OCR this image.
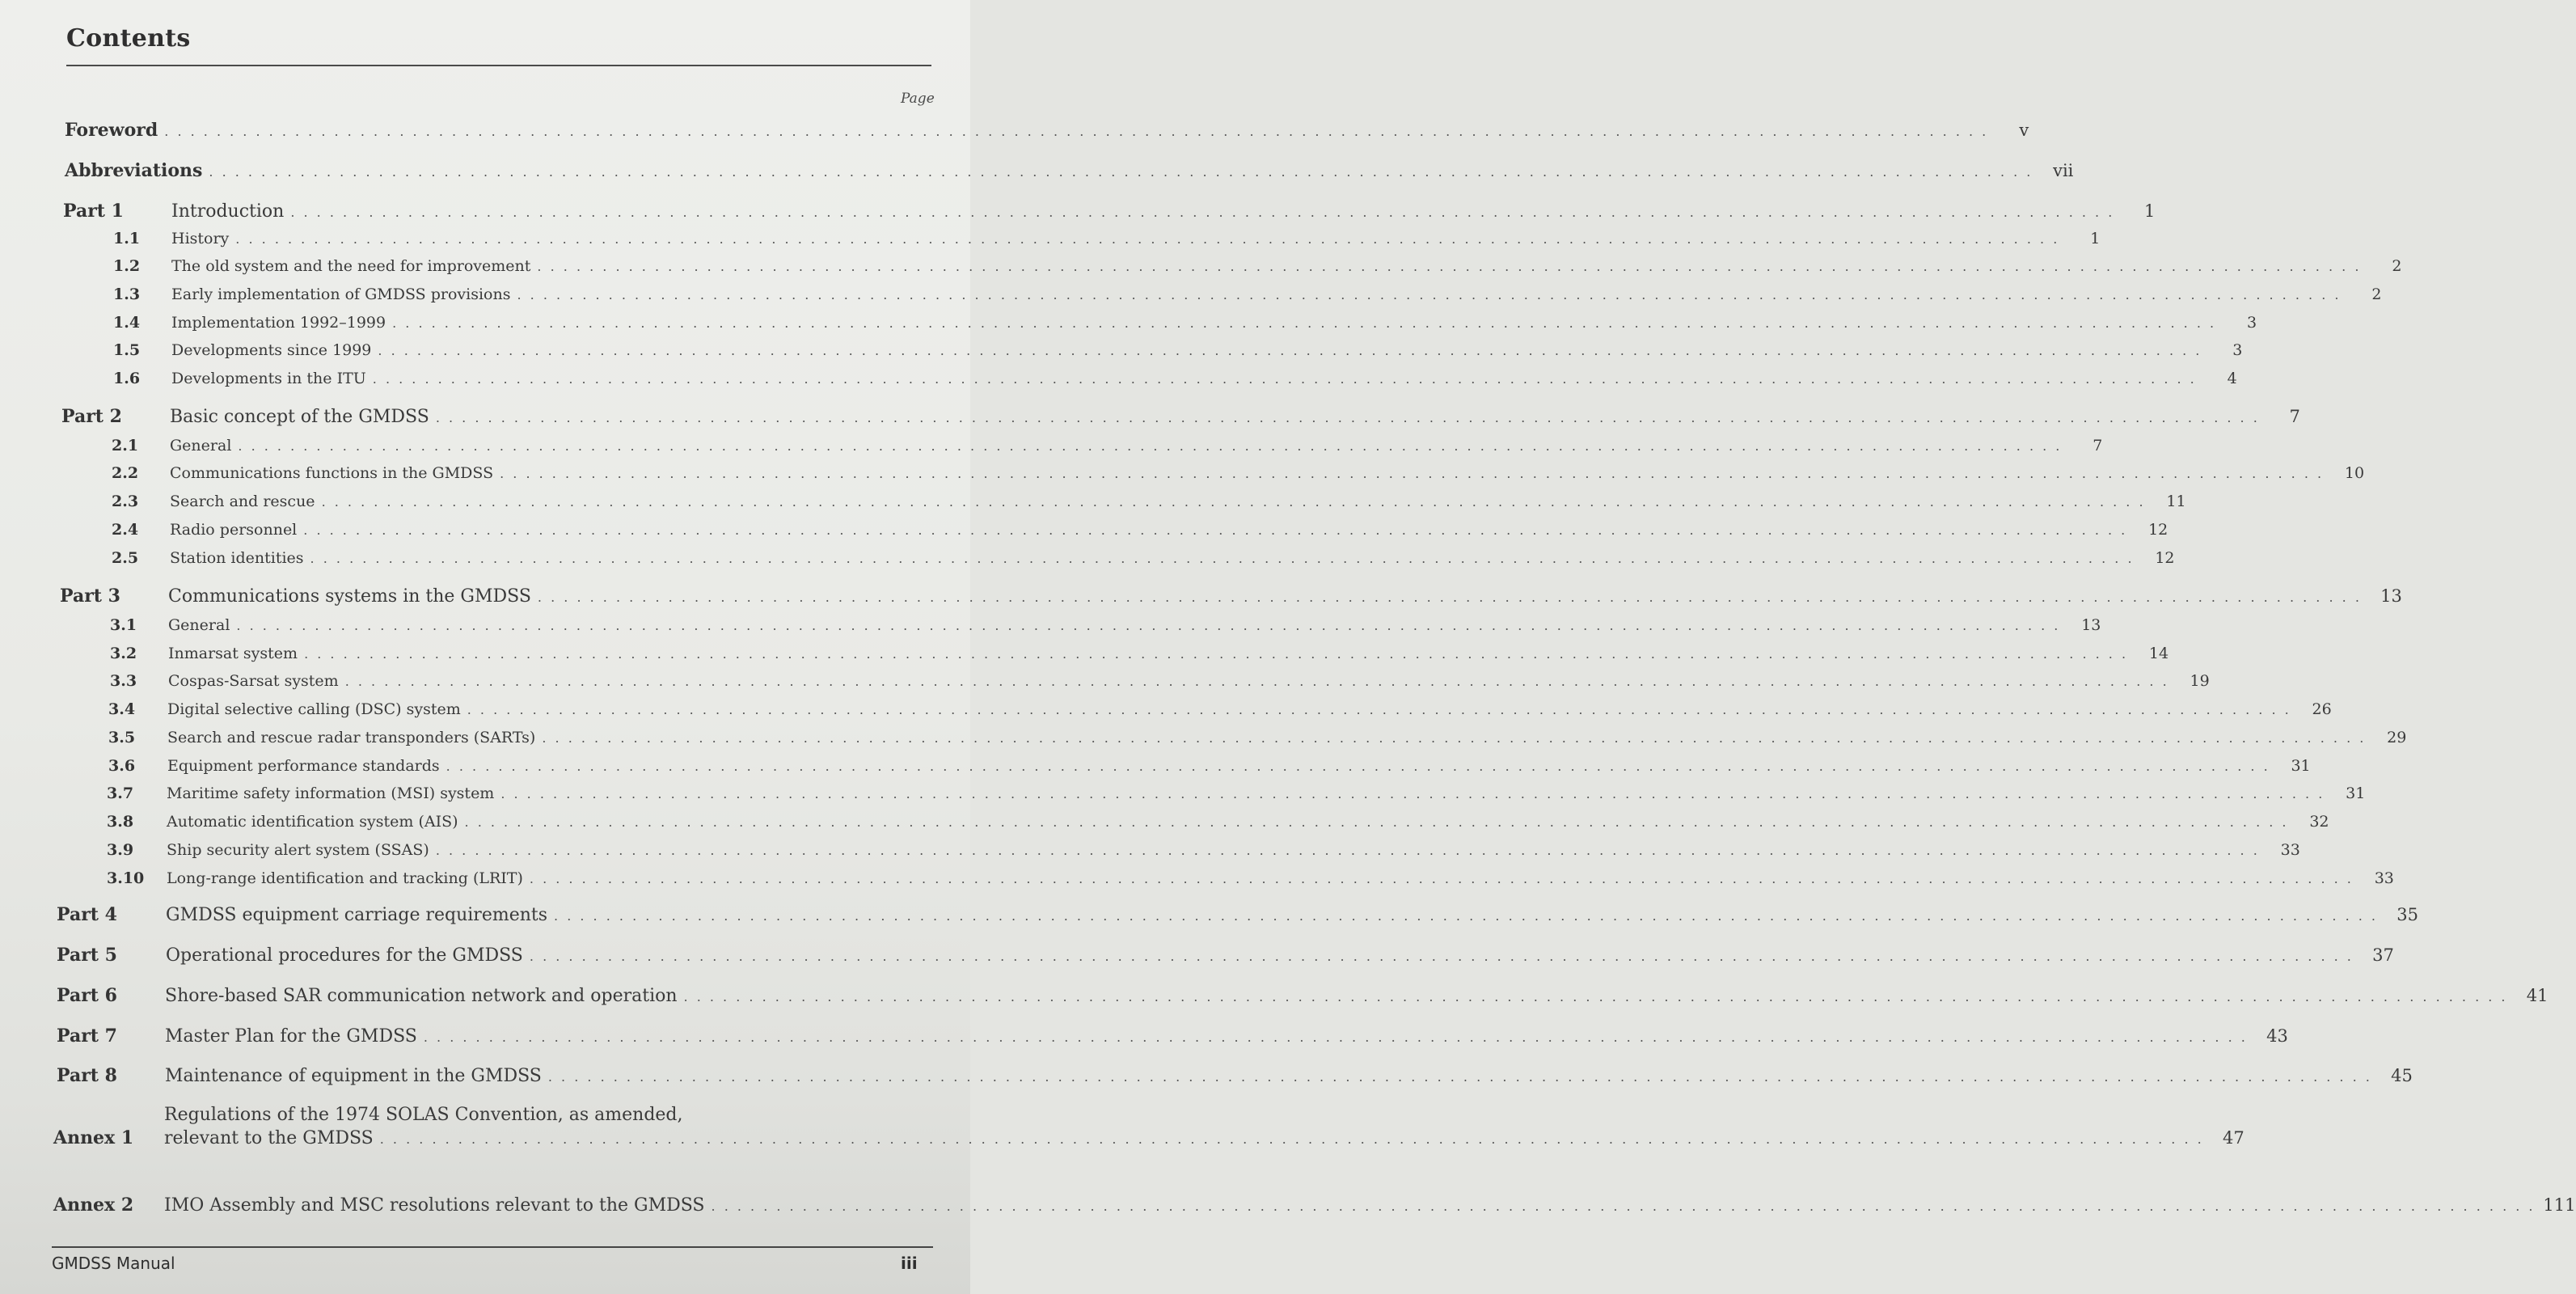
Contents
Page
Foreword . . . . . . . . . . . . . . . . . . . . . . . . . . . . . . . . . . . . . . . . . . . . . . . . . . . . . . . . . . . . . . . . . . . . . . . . . . . . . . . . . . . . . . . . . . . . . . . . . . . . . . . . . . . . . . . . . . . . . . . . . . . . . . . . . . . . . . . . . . . .	v
Abbreviations . . . . . . . . . . . . . . . . . . . . . . . . . . . . . . . . . . . . . . . . . . . . . . . . . . . . . . . . . . . . . . . . . . . . . . . . . . . . . . . . . . . . . . . . . . . . . . . . . . . . . . . . . . . . . . . . . . . . . . . . . . . . . . . . . . . . . . . . . . . .	vii
Part 1	Introduction . . . . . . . . . . . . . . . . . . . . . . . . . . . . . . . . . . . . . . . . . . . . . . . . . . . . . . . . . . . . . . . . . . . . . . . . . . . . . . . . . . . . . . . . . . . . . . . . . . . . . . . . . . . . . . . . . . . . . . . . . . . . . . . . . . . . . . . . . . . .	1
1.1	History . . . . . . . . . . . . . . . . . . . . . . . . . . . . . . . . . . . . . . . . . . . . . . . . . . . . . . . . . . . . . . . . . . . . . . . . . . . . . . . . . . . . . . . . . . . . . . . . . . . . . . . . . . . . . . . . . . . . . . . . . . . . . . . . . . . . . . . . . . . .	1
1.2	The old system and the need for improvement . . . . . . . . . . . . . . . . . . . . . . . . . . . . . . . . . . . . . . . . . . . . . . . . . . . . . . . . . . . . . . . . . . . . . . . . . . . . . . . . . . . . . . . . . . . . . . . . . . . . . . . . . . . . . . . . . . . . . . . . . . . . . . . . . . . . . . . . . . . .	2
1.3	Early implementation of GMDSS provisions . . . . . . . . . . . . . . . . . . . . . . . . . . . . . . . . . . . . . . . . . . . . . . . . . . . . . . . . . . . . . . . . . . . . . . . . . . . . . . . . . . . . . . . . . . . . . . . . . . . . . . . . . . . . . . . . . . . . . . . . . . . . . . . . . . . . . . . . . . . .	2
1.4	Implementation 1992–1999 . . . . . . . . . . . . . . . . . . . . . . . . . . . . . . . . . . . . . . . . . . . . . . . . . . . . . . . . . . . . . . . . . . . . . . . . . . . . . . . . . . . . . . . . . . . . . . . . . . . . . . . . . . . . . . . . . . . . . . . . . . . . . . . . . . . . . . . . . . . .	3
1.5	Developments since 1999 . . . . . . . . . . . . . . . . . . . . . . . . . . . . . . . . . . . . . . . . . . . . . . . . . . . . . . . . . . . . . . . . . . . . . . . . . . . . . . . . . . . . . . . . . . . . . . . . . . . . . . . . . . . . . . . . . . . . . . . . . . . . . . . . . . . . . . . . . . . .	3
1.6	Developments in the ITU . . . . . . . . . . . . . . . . . . . . . . . . . . . . . . . . . . . . . . . . . . . . . . . . . . . . . . . . . . . . . . . . . . . . . . . . . . . . . . . . . . . . . . . . . . . . . . . . . . . . . . . . . . . . . . . . . . . . . . . . . . . . . . . . . . . . . . . . . . . .	4
Part 2	Basic concept of the GMDSS . . . . . . . . . . . . . . . . . . . . . . . . . . . . . . . . . . . . . . . . . . . . . . . . . . . . . . . . . . . . . . . . . . . . . . . . . . . . . . . . . . . . . . . . . . . . . . . . . . . . . . . . . . . . . . . . . . . . . . . . . . . . . . . . . . . . . . . . . . . .	7
2.1	General . . . . . . . . . . . . . . . . . . . . . . . . . . . . . . . . . . . . . . . . . . . . . . . . . . . . . . . . . . . . . . . . . . . . . . . . . . . . . . . . . . . . . . . . . . . . . . . . . . . . . . . . . . . . . . . . . . . . . . . . . . . . . . . . . . . . . . . . . . . .	7
2.2	Communications functions in the GMDSS . . . . . . . . . . . . . . . . . . . . . . . . . . . . . . . . . . . . . . . . . . . . . . . . . . . . . . . . . . . . . . . . . . . . . . . . . . . . . . . . . . . . . . . . . . . . . . . . . . . . . . . . . . . . . . . . . . . . . . . . . . . . . . . . . . . . . . . . . . . .	10
2.3	Search and rescue . . . . . . . . . . . . . . . . . . . . . . . . . . . . . . . . . . . . . . . . . . . . . . . . . . . . . . . . . . . . . . . . . . . . . . . . . . . . . . . . . . . . . . . . . . . . . . . . . . . . . . . . . . . . . . . . . . . . . . . . . . . . . . . . . . . . . . . . . . . .	11
2.4	Radio personnel . . . . . . . . . . . . . . . . . . . . . . . . . . . . . . . . . . . . . . . . . . . . . . . . . . . . . . . . . . . . . . . . . . . . . . . . . . . . . . . . . . . . . . . . . . . . . . . . . . . . . . . . . . . . . . . . . . . . . . . . . . . . . . . . . . . . . . . . . . . .	12
2.5	Station identities . . . . . . . . . . . . . . . . . . . . . . . . . . . . . . . . . . . . . . . . . . . . . . . . . . . . . . . . . . . . . . . . . . . . . . . . . . . . . . . . . . . . . . . . . . . . . . . . . . . . . . . . . . . . . . . . . . . . . . . . . . . . . . . . . . . . . . . . . . . .	12
Part 3	Communications systems in the GMDSS . . . . . . . . . . . . . . . . . . . . . . . . . . . . . . . . . . . . . . . . . . . . . . . . . . . . . . . . . . . . . . . . . . . . . . . . . . . . . . . . . . . . . . . . . . . . . . . . . . . . . . . . . . . . . . . . . . . . . . . . . . . . . . . . . . . . . . . . . . . .	13
3.1	General . . . . . . . . . . . . . . . . . . . . . . . . . . . . . . . . . . . . . . . . . . . . . . . . . . . . . . . . . . . . . . . . . . . . . . . . . . . . . . . . . . . . . . . . . . . . . . . . . . . . . . . . . . . . . . . . . . . . . . . . . . . . . . . . . . . . . . . . . . . .	13
3.2	Inmarsat system . . . . . . . . . . . . . . . . . . . . . . . . . . . . . . . . . . . . . . . . . . . . . . . . . . . . . . . . . . . . . . . . . . . . . . . . . . . . . . . . . . . . . . . . . . . . . . . . . . . . . . . . . . . . . . . . . . . . . . . . . . . . . . . . . . . . . . . . . . . .	14
3.3	Cospas-Sarsat system . . . . . . . . . . . . . . . . . . . . . . . . . . . . . . . . . . . . . . . . . . . . . . . . . . . . . . . . . . . . . . . . . . . . . . . . . . . . . . . . . . . . . . . . . . . . . . . . . . . . . . . . . . . . . . . . . . . . . . . . . . . . . . . . . . . . . . . . . . . .	19
3.4	Digital selective calling (DSC) system . . . . . . . . . . . . . . . . . . . . . . . . . . . . . . . . . . . . . . . . . . . . . . . . . . . . . . . . . . . . . . . . . . . . . . . . . . . . . . . . . . . . . . . . . . . . . . . . . . . . . . . . . . . . . . . . . . . . . . . . . . . . . . . . . . . . . . . . . . . .	26
3.5	Search and rescue radar transponders (SARTs) . . . . . . . . . . . . . . . . . . . . . . . . . . . . . . . . . . . . . . . . . . . . . . . . . . . . . . . . . . . . . . . . . . . . . . . . . . . . . . . . . . . . . . . . . . . . . . . . . . . . . . . . . . . . . . . . . . . . . . . . . . . . . . . . . . . . . . . . . . . .	29
3.6	Equipment performance standards . . . . . . . . . . . . . . . . . . . . . . . . . . . . . . . . . . . . . . . . . . . . . . . . . . . . . . . . . . . . . . . . . . . . . . . . . . . . . . . . . . . . . . . . . . . . . . . . . . . . . . . . . . . . . . . . . . . . . . . . . . . . . . . . . . . . . . . . . . . .	31
3.7	Maritime safety information (MSI) system . . . . . . . . . . . . . . . . . . . . . . . . . . . . . . . . . . . . . . . . . . . . . . . . . . . . . . . . . . . . . . . . . . . . . . . . . . . . . . . . . . . . . . . . . . . . . . . . . . . . . . . . . . . . . . . . . . . . . . . . . . . . . . . . . . . . . . . . . . . .	31
3.8	Automatic identification system (AIS) . . . . . . . . . . . . . . . . . . . . . . . . . . . . . . . . . . . . . . . . . . . . . . . . . . . . . . . . . . . . . . . . . . . . . . . . . . . . . . . . . . . . . . . . . . . . . . . . . . . . . . . . . . . . . . . . . . . . . . . . . . . . . . . . . . . . . . . . . . . .	32
3.9	Ship security alert system (SSAS) . . . . . . . . . . . . . . . . . . . . . . . . . . . . . . . . . . . . . . . . . . . . . . . . . . . . . . . . . . . . . . . . . . . . . . . . . . . . . . . . . . . . . . . . . . . . . . . . . . . . . . . . . . . . . . . . . . . . . . . . . . . . . . . . . . . . . . . . . . . .	33
3.10	Long-range identification and tracking (LRIT) . . . . . . . . . . . . . . . . . . . . . . . . . . . . . . . . . . . . . . . . . . . . . . . . . . . . . . . . . . . . . . . . . . . . . . . . . . . . . . . . . . . . . . . . . . . . . . . . . . . . . . . . . . . . . . . . . . . . . . . . . . . . . . . . . . . . . . . . . . . .	33
Part 4	GMDSS equipment carriage requirements . . . . . . . . . . . . . . . . . . . . . . . . . . . . . . . . . . . . . . . . . . . . . . . . . . . . . . . . . . . . . . . . . . . . . . . . . . . . . . . . . . . . . . . . . . . . . . . . . . . . . . . . . . . . . . . . . . . . . . . . . . . . . . . . . . . . . . . . . . . .	35
Part 5	Operational procedures for the GMDSS . . . . . . . . . . . . . . . . . . . . . . . . . . . . . . . . . . . . . . . . . . . . . . . . . . . . . . . . . . . . . . . . . . . . . . . . . . . . . . . . . . . . . . . . . . . . . . . . . . . . . . . . . . . . . . . . . . . . . . . . . . . . . . . . . . . . . . . . . . . .	37
Part 6	Shore-based SAR communication network and operation . . . . . . . . . . . . . . . . . . . . . . . . . . . . . . . . . . . . . . . . . . . . . . . . . . . . . . . . . . . . . . . . . . . . . . . . . . . . . . . . . . . . . . . . . . . . . . . . . . . . . . . . . . . . . . . . . . . . . . . . . . . . . . . . . . . . . . . . . . . .	41
Part 7	Master Plan for the GMDSS . . . . . . . . . . . . . . . . . . . . . . . . . . . . . . . . . . . . . . . . . . . . . . . . . . . . . . . . . . . . . . . . . . . . . . . . . . . . . . . . . . . . . . . . . . . . . . . . . . . . . . . . . . . . . . . . . . . . . . . . . . . . . . . . . . . . . . . . . . . .	43
Part 8	Maintenance of equipment in the GMDSS . . . . . . . . . . . . . . . . . . . . . . . . . . . . . . . . . . . . . . . . . . . . . . . . . . . . . . . . . . . . . . . . . . . . . . . . . . . . . . . . . . . . . . . . . . . . . . . . . . . . . . . . . . . . . . . . . . . . . . . . . . . . . . . . . . . . . . . . . . . .	45
Regulations of the 1974 SOLAS Convention, as amended,
Annex 1	relevant to the GMDSS . . . . . . . . . . . . . . . . . . . . . . . . . . . . . . . . . . . . . . . . . . . . . . . . . . . . . . . . . . . . . . . . . . . . . . . . . . . . . . . . . . . . . . . . . . . . . . . . . . . . . . . . . . . . . . . . . . . . . . . . . . . . . . . . . . . . . . . . . . . .	47
Annex 2	IMO Assembly and MSC resolutions relevant to the GMDSS . . . . . . . . . . . . . . . . . . . . . . . . . . . . . . . . . . . . . . . . . . . . . . . . . . . . . . . . . . . . . . . . . . . . . . . . . . . . . . . . . . . . . . . . . . . . . . . . . . . . . . . . . . . . . . . . . . . . . . . . . . . . . . . . . . . . . . . . . . . . 111
GMDSS Manual	iii
